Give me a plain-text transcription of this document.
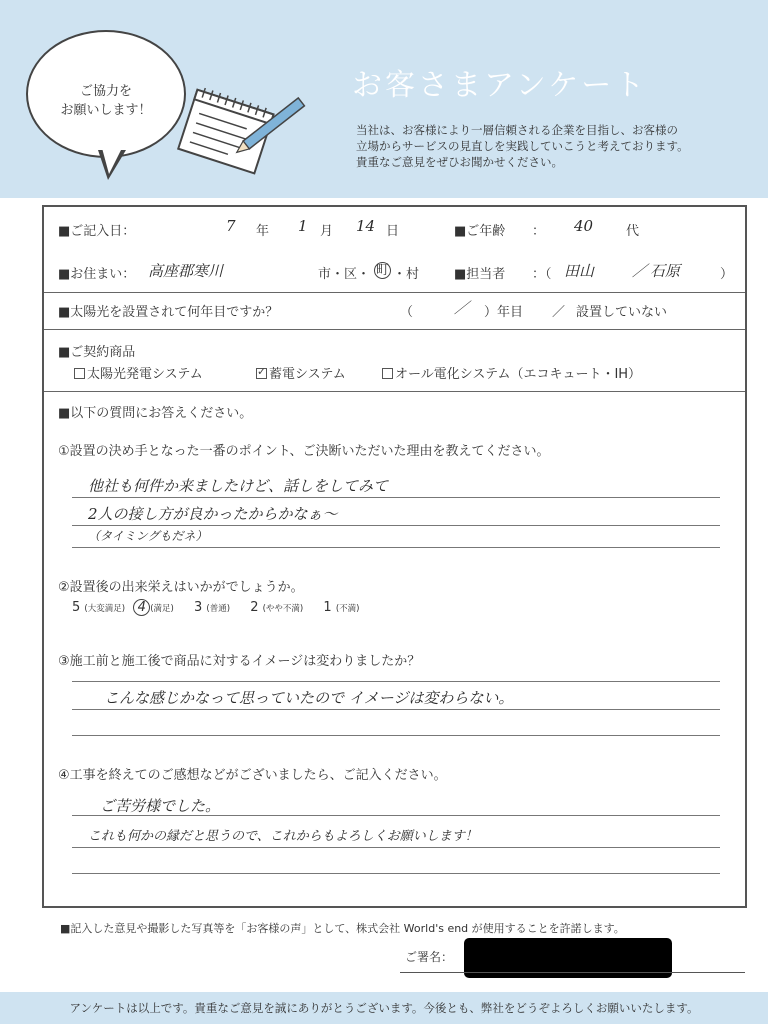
ご協力を
お願いします！
お客さまアンケート
当社は、お客様により一層信頼される企業を目指し、お客様の
立場からサービスの見直しを実践していこうと考えております。
貴重なご意見をぜひお聞かせください。
■ご記入日：	7 年 1 月 14 日	■ご年齢 ： 40	代
■お住まい： 高座郡寒川	市・区・ 町 ・村	■担当者 ：（ 田山	／ 石原	）
■太陽光を設置されて何年目ですか？	（	／ ）年目 ／ 設置していない
■ご契約商品
太陽光発電システム
✓	蓄電システム	オール電化システム（エコキュート・IH）
■以下の質問にお答えください。
①設置の決め手となった一番のポイント、ご決断いただいた理由を教えてください。
他社も何件か来ましたけど、話しをしてみて
2人の接し方が良かったからかなぁ～
（タイミングもだネ）
②設置後の出来栄えはいかがでしょうか。
5 (大変満足) 4 (満足) 3 (普通) 2 (やや不満) 1 (不満)
③施工前と施工後で商品に対するイメージは変わりましたか？
こんな感じかなって思っていたので イメージは変わらない。
④工事を終えてのご感想などがございましたら、ご記入ください。
ご苦労様でした。
これも何かの縁だと思うので、これからもよろしくお願いします！
■記入した意見や撮影した写真等を「お客様の声」として、株式会社 World's end が使用することを許諾します。
ご署名：
アンケートは以上です。貴重なご意見を誠にありがとうございます。今後とも、弊社をどうぞよろしくお願いいたします。
